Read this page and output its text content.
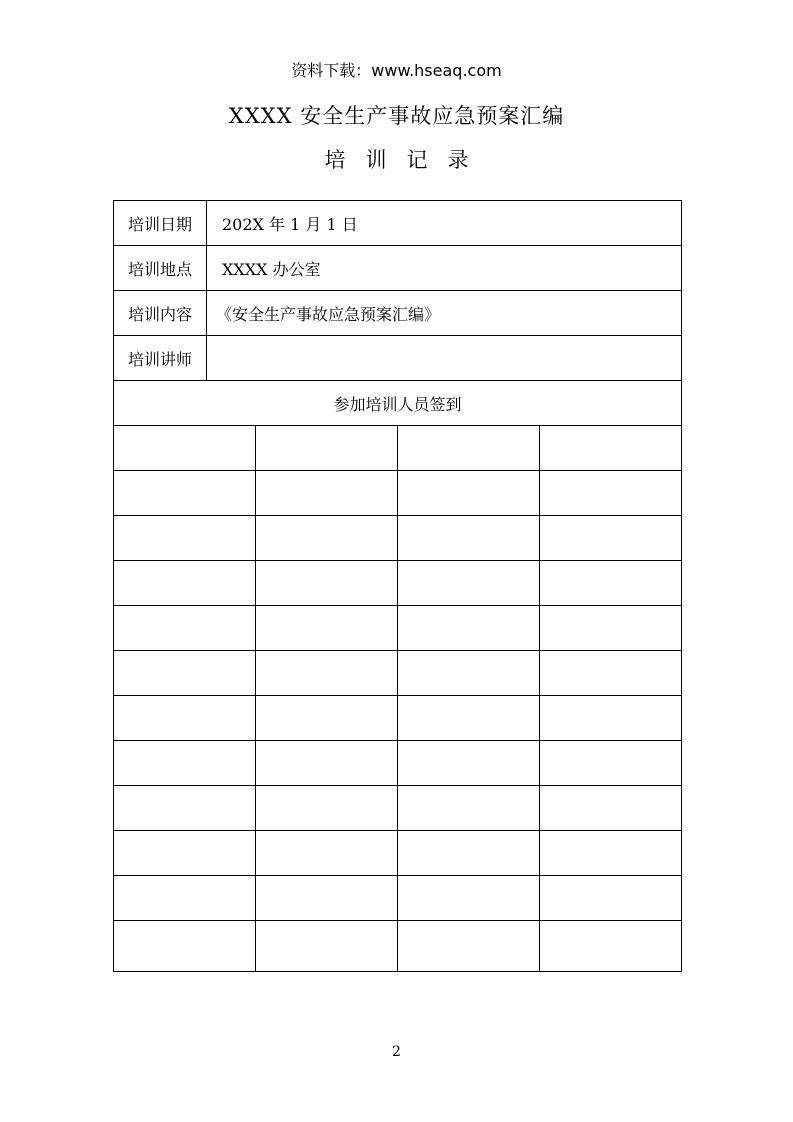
资料下载：www.hseaq.com
XXXX 安全生产事故应急预案汇编
培训记录
培训日期	202X 年 1 月 1 日
培训地点	XXXX 办公室
培训内容	《安全生产事故应急预案汇编》
培训讲师
参加培训人员签到
2
